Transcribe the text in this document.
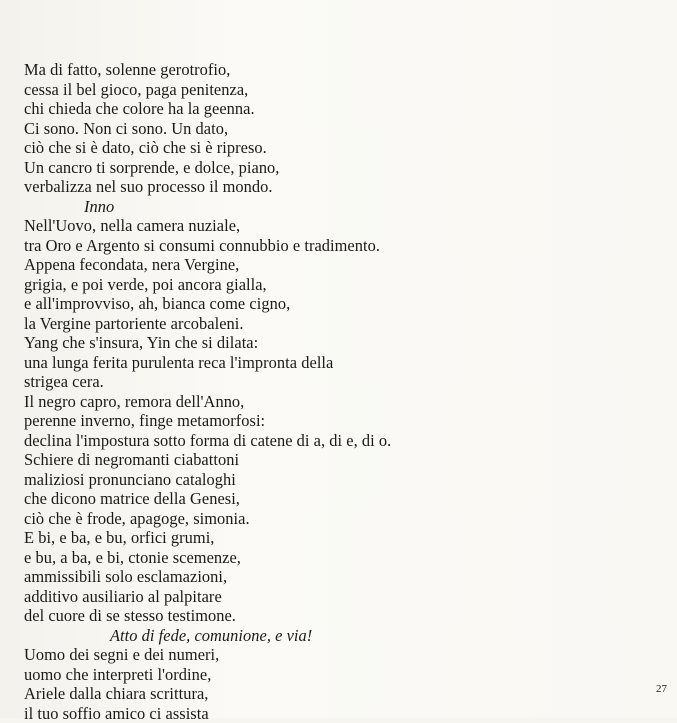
Ma di fatto, solenne gerotrofio,
cessa il bel gioco, paga penitenza,
chi chieda che colore ha la geenna.
Ci sono. Non ci sono. Un dato,
ciò che si è dato, ciò che si è ripreso.
Un cancro ti sorprende, e dolce, piano,
verbalizza nel suo processo il mondo.
Inno
Nell'Uovo, nella camera nuziale,
tra Oro e Argento si consumi connubbio e tradimento.
Appena fecondata, nera Vergine,
grigia, e poi verde, poi ancora gialla,
e all'improvviso, ah, bianca come cigno,
la Vergine partoriente arcobaleni.
Yang che s'insura, Yin che si dilata:
una lunga ferita purulenta reca l'impronta della
strigea cera.
Il negro capro, remora dell'Anno,
perenne inverno, finge metamorfosi:
declina l'impostura sotto forma di catene di a, di e, di o.
Schiere di negromanti ciabattoni
maliziosi pronunciano cataloghi
che dicono matrice della Genesi,
ciò che è frode, apagoge, simonia.
E bi, e ba, e bu, orfici grumi,
e bu, a ba, e bi, ctonie scemenze,
ammissibili solo esclamazioni,
additivo ausiliario al palpitare
del cuore di se stesso testimone.
Atto di fede, comunione, e via!
Uomo dei segni e dei numeri,
uomo che interpreti l'ordine,
Ariele dalla chiara scrittura,
il tuo soffio amico ci assista
27
